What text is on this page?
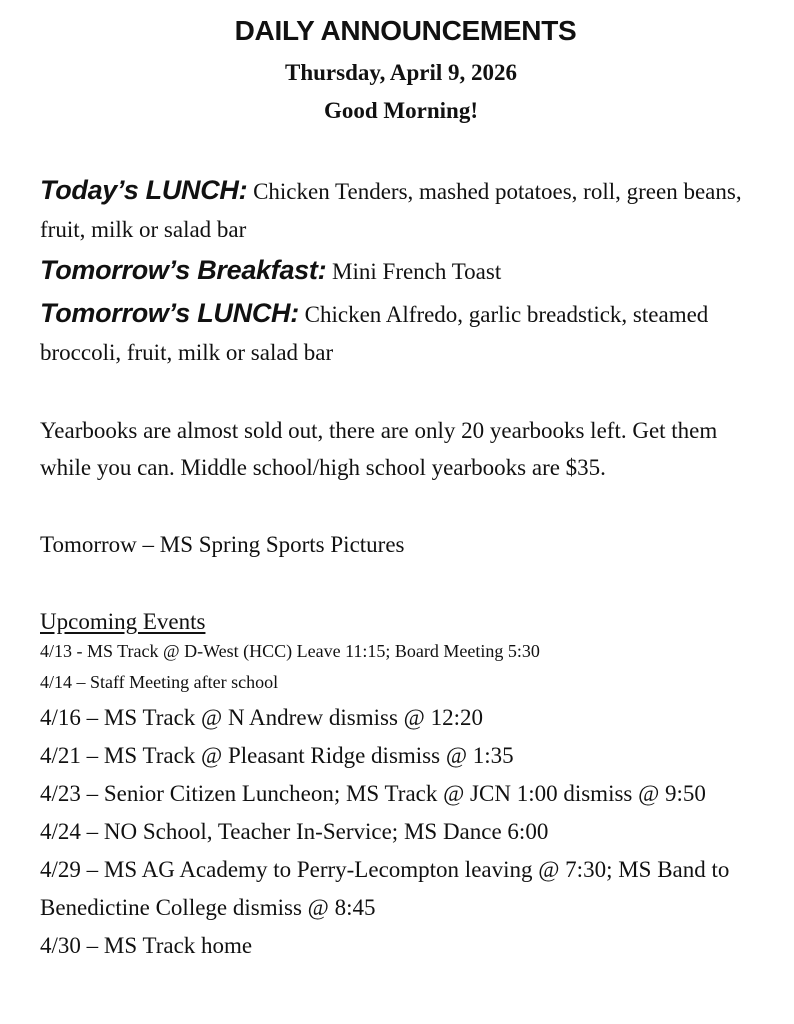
DAILY ANNOUNCEMENTS
Thursday, April 9, 2026
Good Morning!
Today’s LUNCH: Chicken Tenders, mashed potatoes, roll, green beans, fruit, milk or salad bar
Tomorrow’s Breakfast: Mini French Toast
Tomorrow’s LUNCH: Chicken Alfredo, garlic breadstick, steamed broccoli, fruit, milk or salad bar
Yearbooks are almost sold out, there are only 20 yearbooks left. Get them while you can. Middle school/high school yearbooks are $35.
Tomorrow – MS Spring Sports Pictures
Upcoming Events
4/13 - MS Track @ D-West (HCC) Leave 11:15; Board Meeting 5:30
4/14 – Staff Meeting after school
4/16 – MS Track @ N Andrew dismiss @ 12:20
4/21 – MS Track @ Pleasant Ridge dismiss @ 1:35
4/23 – Senior Citizen Luncheon; MS Track @ JCN 1:00 dismiss @ 9:50
4/24 – NO School, Teacher In-Service; MS Dance 6:00
4/29 – MS AG Academy to Perry-Lecompton leaving @ 7:30; MS Band to Benedictine College dismiss @ 8:45
4/30 – MS Track home
